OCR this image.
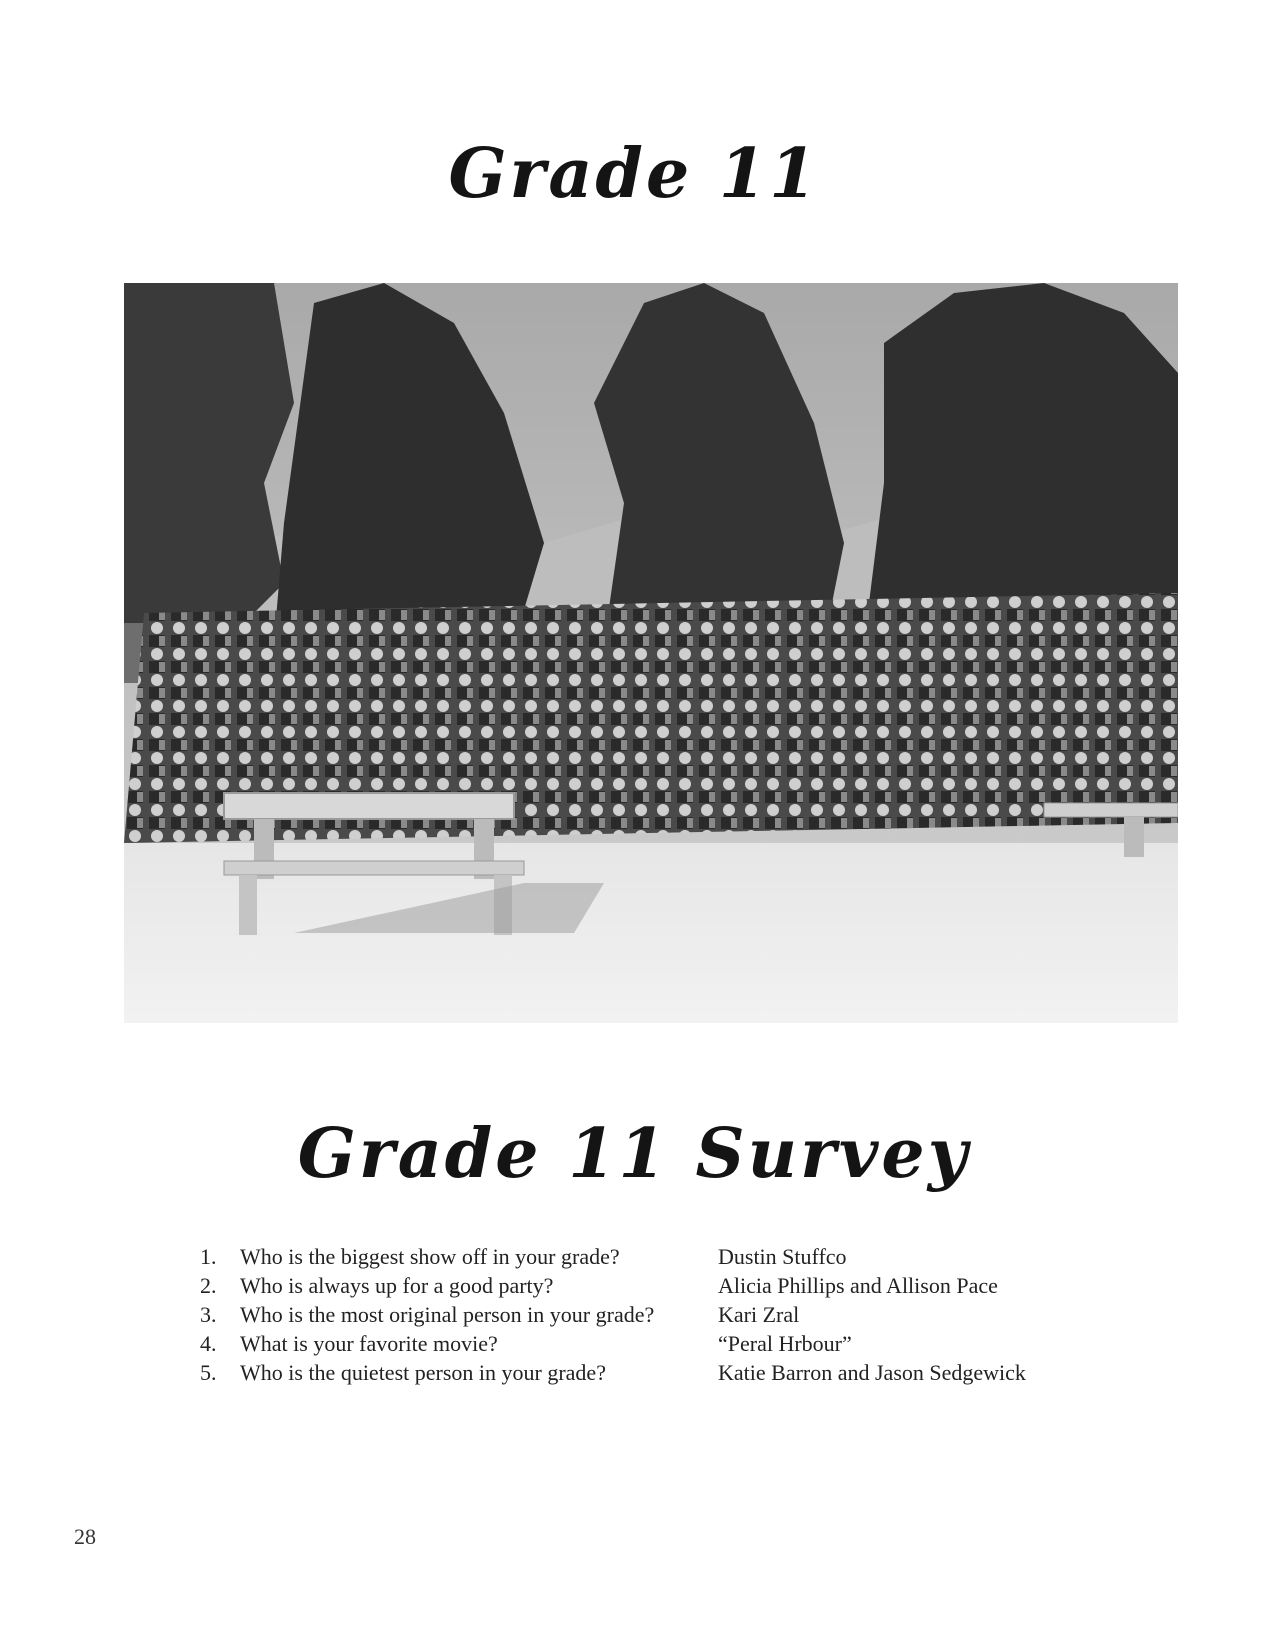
Grade 11
Grade 11 Survey
1.	Who is the biggest show off in your grade?	Dustin Stuffco
2.	Who is always up for a good party?	Alicia Phillips and Allison Pace
3.	Who is the most original person in your grade?	Kari Zral
4.	What is your favorite movie?	“Peral Hrbour”
5.	Who is the quietest person in your grade?	Katie Barron and Jason Sedgewick
28
